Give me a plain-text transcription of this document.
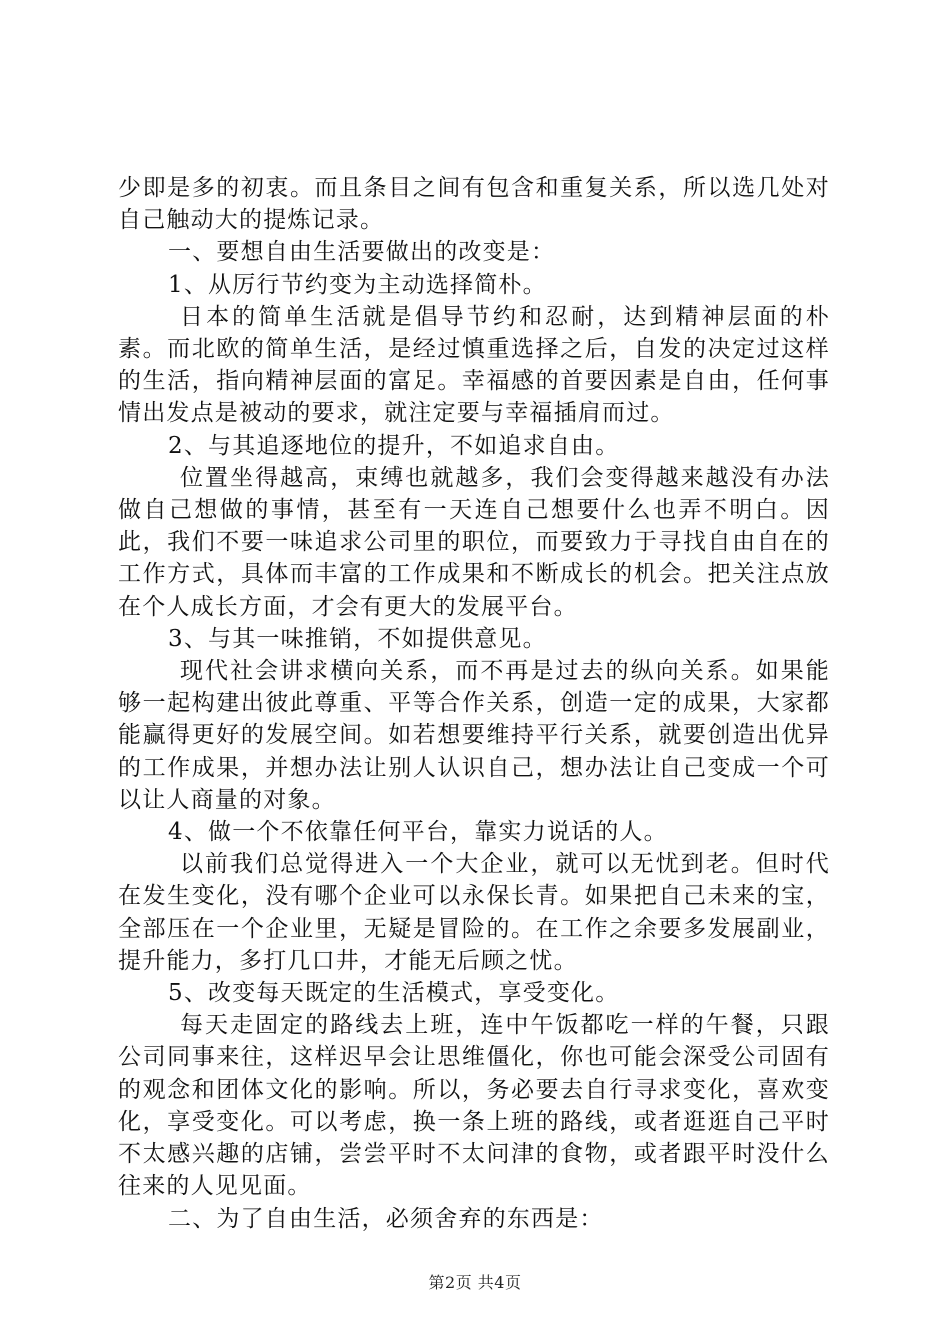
少即是多的初衷。而且条目之间有包含和重复关系，所以选几处对自己触动大的提炼记录。

一、要想自由生活要做出的改变是：

1、从厉行节约变为主动选择简朴。

日本的简单生活就是倡导节约和忍耐，达到精神层面的朴素。而北欧的简单生活，是经过慎重选择之后，自发的决定过这样的生活，指向精神层面的富足。幸福感的首要因素是自由，任何事情出发点是被动的要求，就注定要与幸福插肩而过。

2、与其追逐地位的提升，不如追求自由。

位置坐得越高，束缚也就越多，我们会变得越来越没有办法做自己想做的事情，甚至有一天连自己想要什么也弄不明白。因此，我们不要一味追求公司里的职位，而要致力于寻找自由自在的工作方式，具体而丰富的工作成果和不断成长的机会。把关注点放在个人成长方面，才会有更大的发展平台。

3、与其一味推销，不如提供意见。

现代社会讲求横向关系，而不再是过去的纵向关系。如果能够一起构建出彼此尊重、平等合作关系，创造一定的成果，大家都能赢得更好的发展空间。如若想要维持平行关系，就要创造出优异的工作成果，并想办法让别人认识自己，想办法让自己变成一个可以让人商量的对象。

4、做一个不依靠任何平台，靠实力说话的人。

以前我们总觉得进入一个大企业，就可以无忧到老。但时代在发生变化，没有哪个企业可以永保长青。如果把自己未来的宝，全部压在一个企业里，无疑是冒险的。在工作之余要多发展副业，提升能力，多打几口井，才能无后顾之忧。

5、改变每天既定的生活模式，享受变化。

每天走固定的路线去上班，连中午饭都吃一样的午餐，只跟公司同事来往，这样迟早会让思维僵化，你也可能会深受公司固有的观念和团体文化的影响。所以，务必要去自行寻求变化，喜欢变化，享受变化。可以考虑，换一条上班的路线，或者逛逛自己平时不太感兴趣的店铺，尝尝平时不太问津的食物，或者跟平时没什么往来的人见见面。

二、为了自由生活，必须舍弃的东西是：

第2页 共4页
